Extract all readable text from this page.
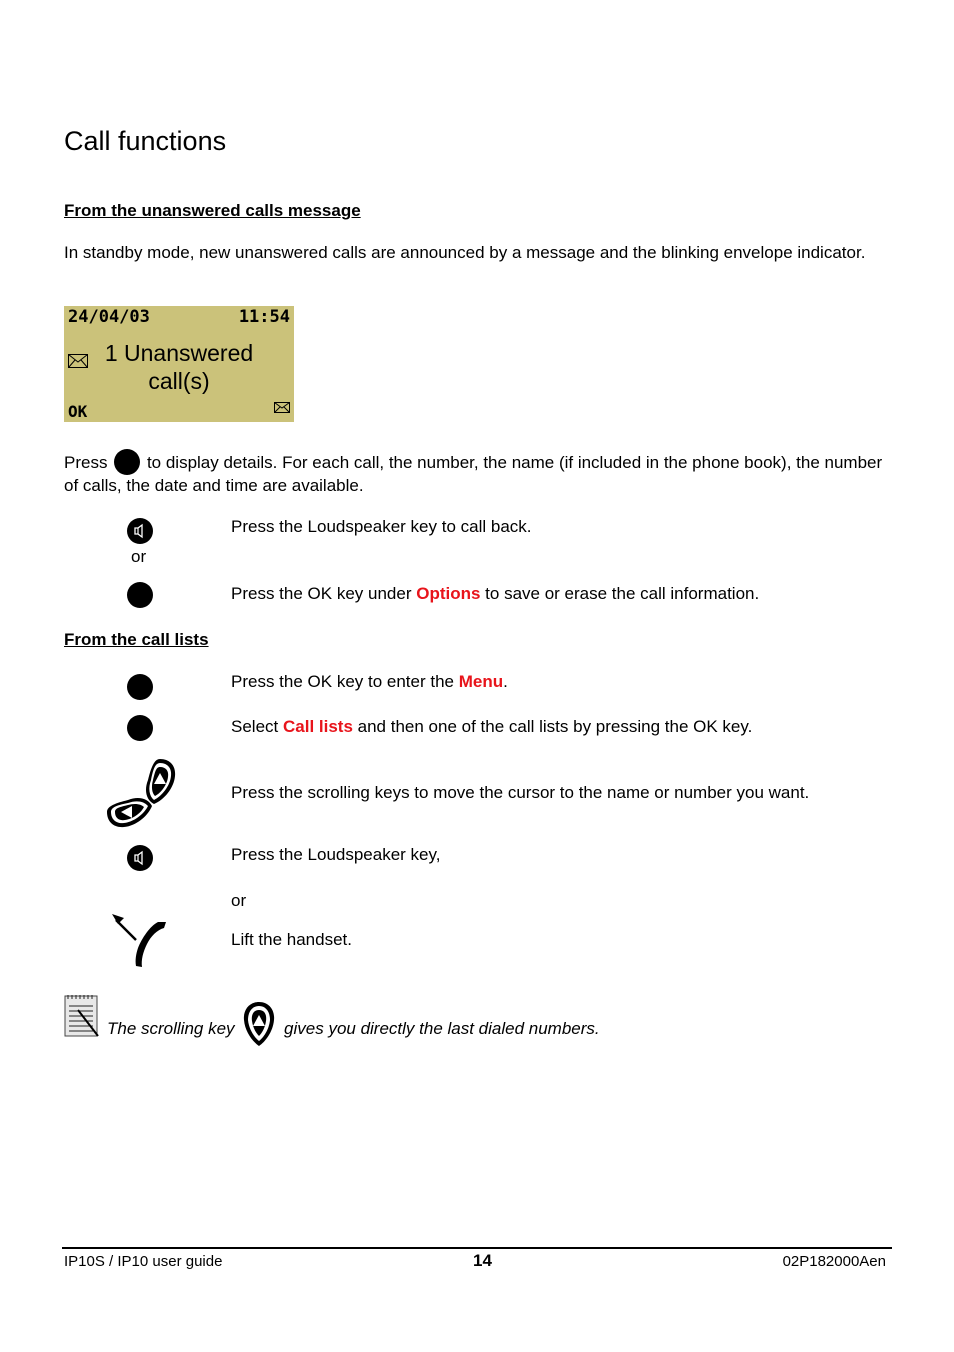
Call functions
From the unanswered calls message
In standby mode, new unanswered calls are announced by a message and the blinking envelope indicator.
24/04/03	11:54
1 Unanswered
call(s)
OK
Press to display details. For each call, the number, the name (if included in the phone book), the number of calls, the date and time are available.
Press the Loudspeaker key to call back.
or
Press the OK key under Options to save or erase the call information.
From the call lists
Press the OK key to enter the Menu.
Select Call lists and then one of the call lists by pressing the OK key.
Press the scrolling keys to move the cursor to the name or number you want.
Press the Loudspeaker key,
or
Lift the handset.
The scrolling key	gives you directly the last dialed numbers.
IP10S / IP10 user guide	14	02P182000Aen
